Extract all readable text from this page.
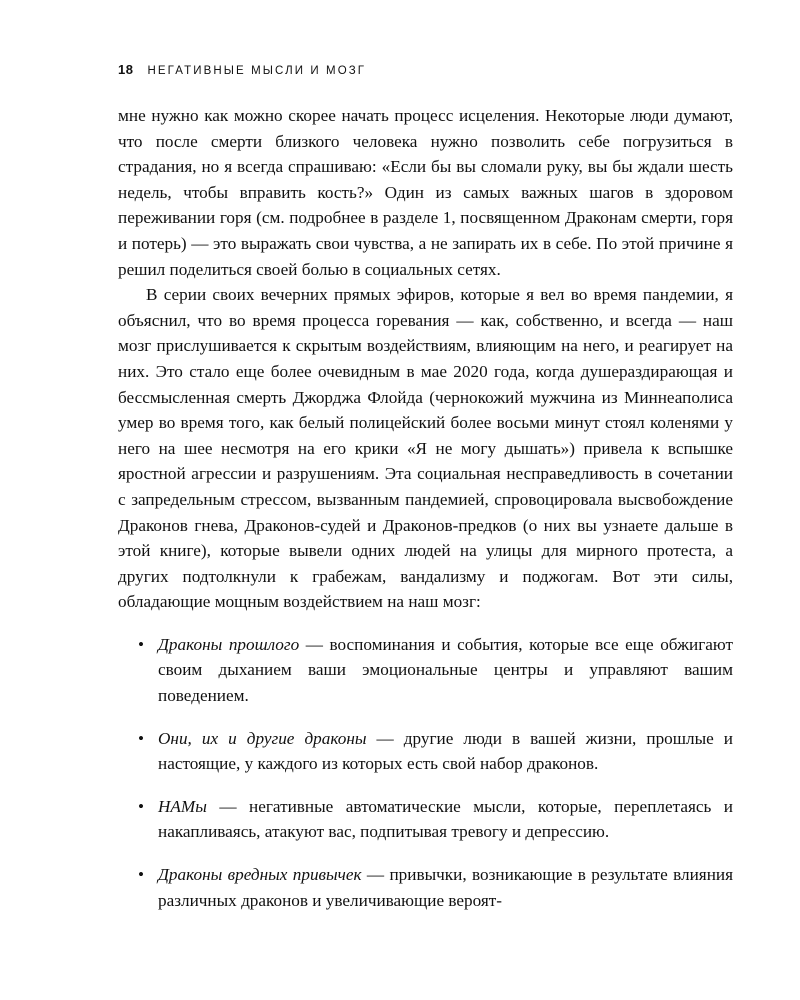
18 НЕГАТИВНЫЕ МЫСЛИ И МОЗГ

мне нужно как можно скорее начать процесс исцеления. Некоторые люди думают, что после смерти близкого человека нужно позволить себе погрузиться в страдания, но я всегда спрашиваю: «Если бы вы сломали руку, вы бы ждали шесть недель, чтобы вправить кость?» Один из самых важных шагов в здоровом переживании горя (см. подробнее в разделе 1, посвященном Драконам смерти, горя и потерь) — это выражать свои чувства, а не запирать их в себе. По этой причине я решил поделиться своей болью в социальных сетях.

В серии своих вечерних прямых эфиров, которые я вел во время пандемии, я объяснил, что во время процесса горевания — как, собственно, и всегда — наш мозг прислушивается к скрытым воздействиям, влияющим на него, и реагирует на них. Это стало еще более очевидным в мае 2020 года, когда душераздирающая и бессмысленная смерть Джорджа Флойда (чернокожий мужчина из Миннеаполиса умер во время того, как белый полицейский более восьми минут стоял коленями у него на шее несмотря на его крики «Я не могу дышать») привела к вспышке яростной агрессии и разрушениям. Эта социальная несправедливость в сочетании с запредельным стрессом, вызванным пандемией, спровоцировала высвобождение Драконов гнева, Драконов-судей и Драконов-предков (о них вы узнаете дальше в этой книге), которые вывели одних людей на улицы для мирного протеста, а других подтолкнули к грабежам, вандализму и поджогам. Вот эти силы, обладающие мощным воздействием на наш мозг:

• Драконы прошлого — воспоминания и события, которые все еще обжигают своим дыханием ваши эмоциональные центры и управляют вашим поведением.
• Они, их и другие драконы — другие люди в вашей жизни, прошлые и настоящие, у каждого из которых есть свой набор драконов.
• НАМы — негативные автоматические мысли, которые, переплетаясь и накапливаясь, атакуют вас, подпитывая тревогу и депрессию.
• Драконы вредных привычек — привычки, возникающие в результате влияния различных драконов и увеличивающие вероят-
